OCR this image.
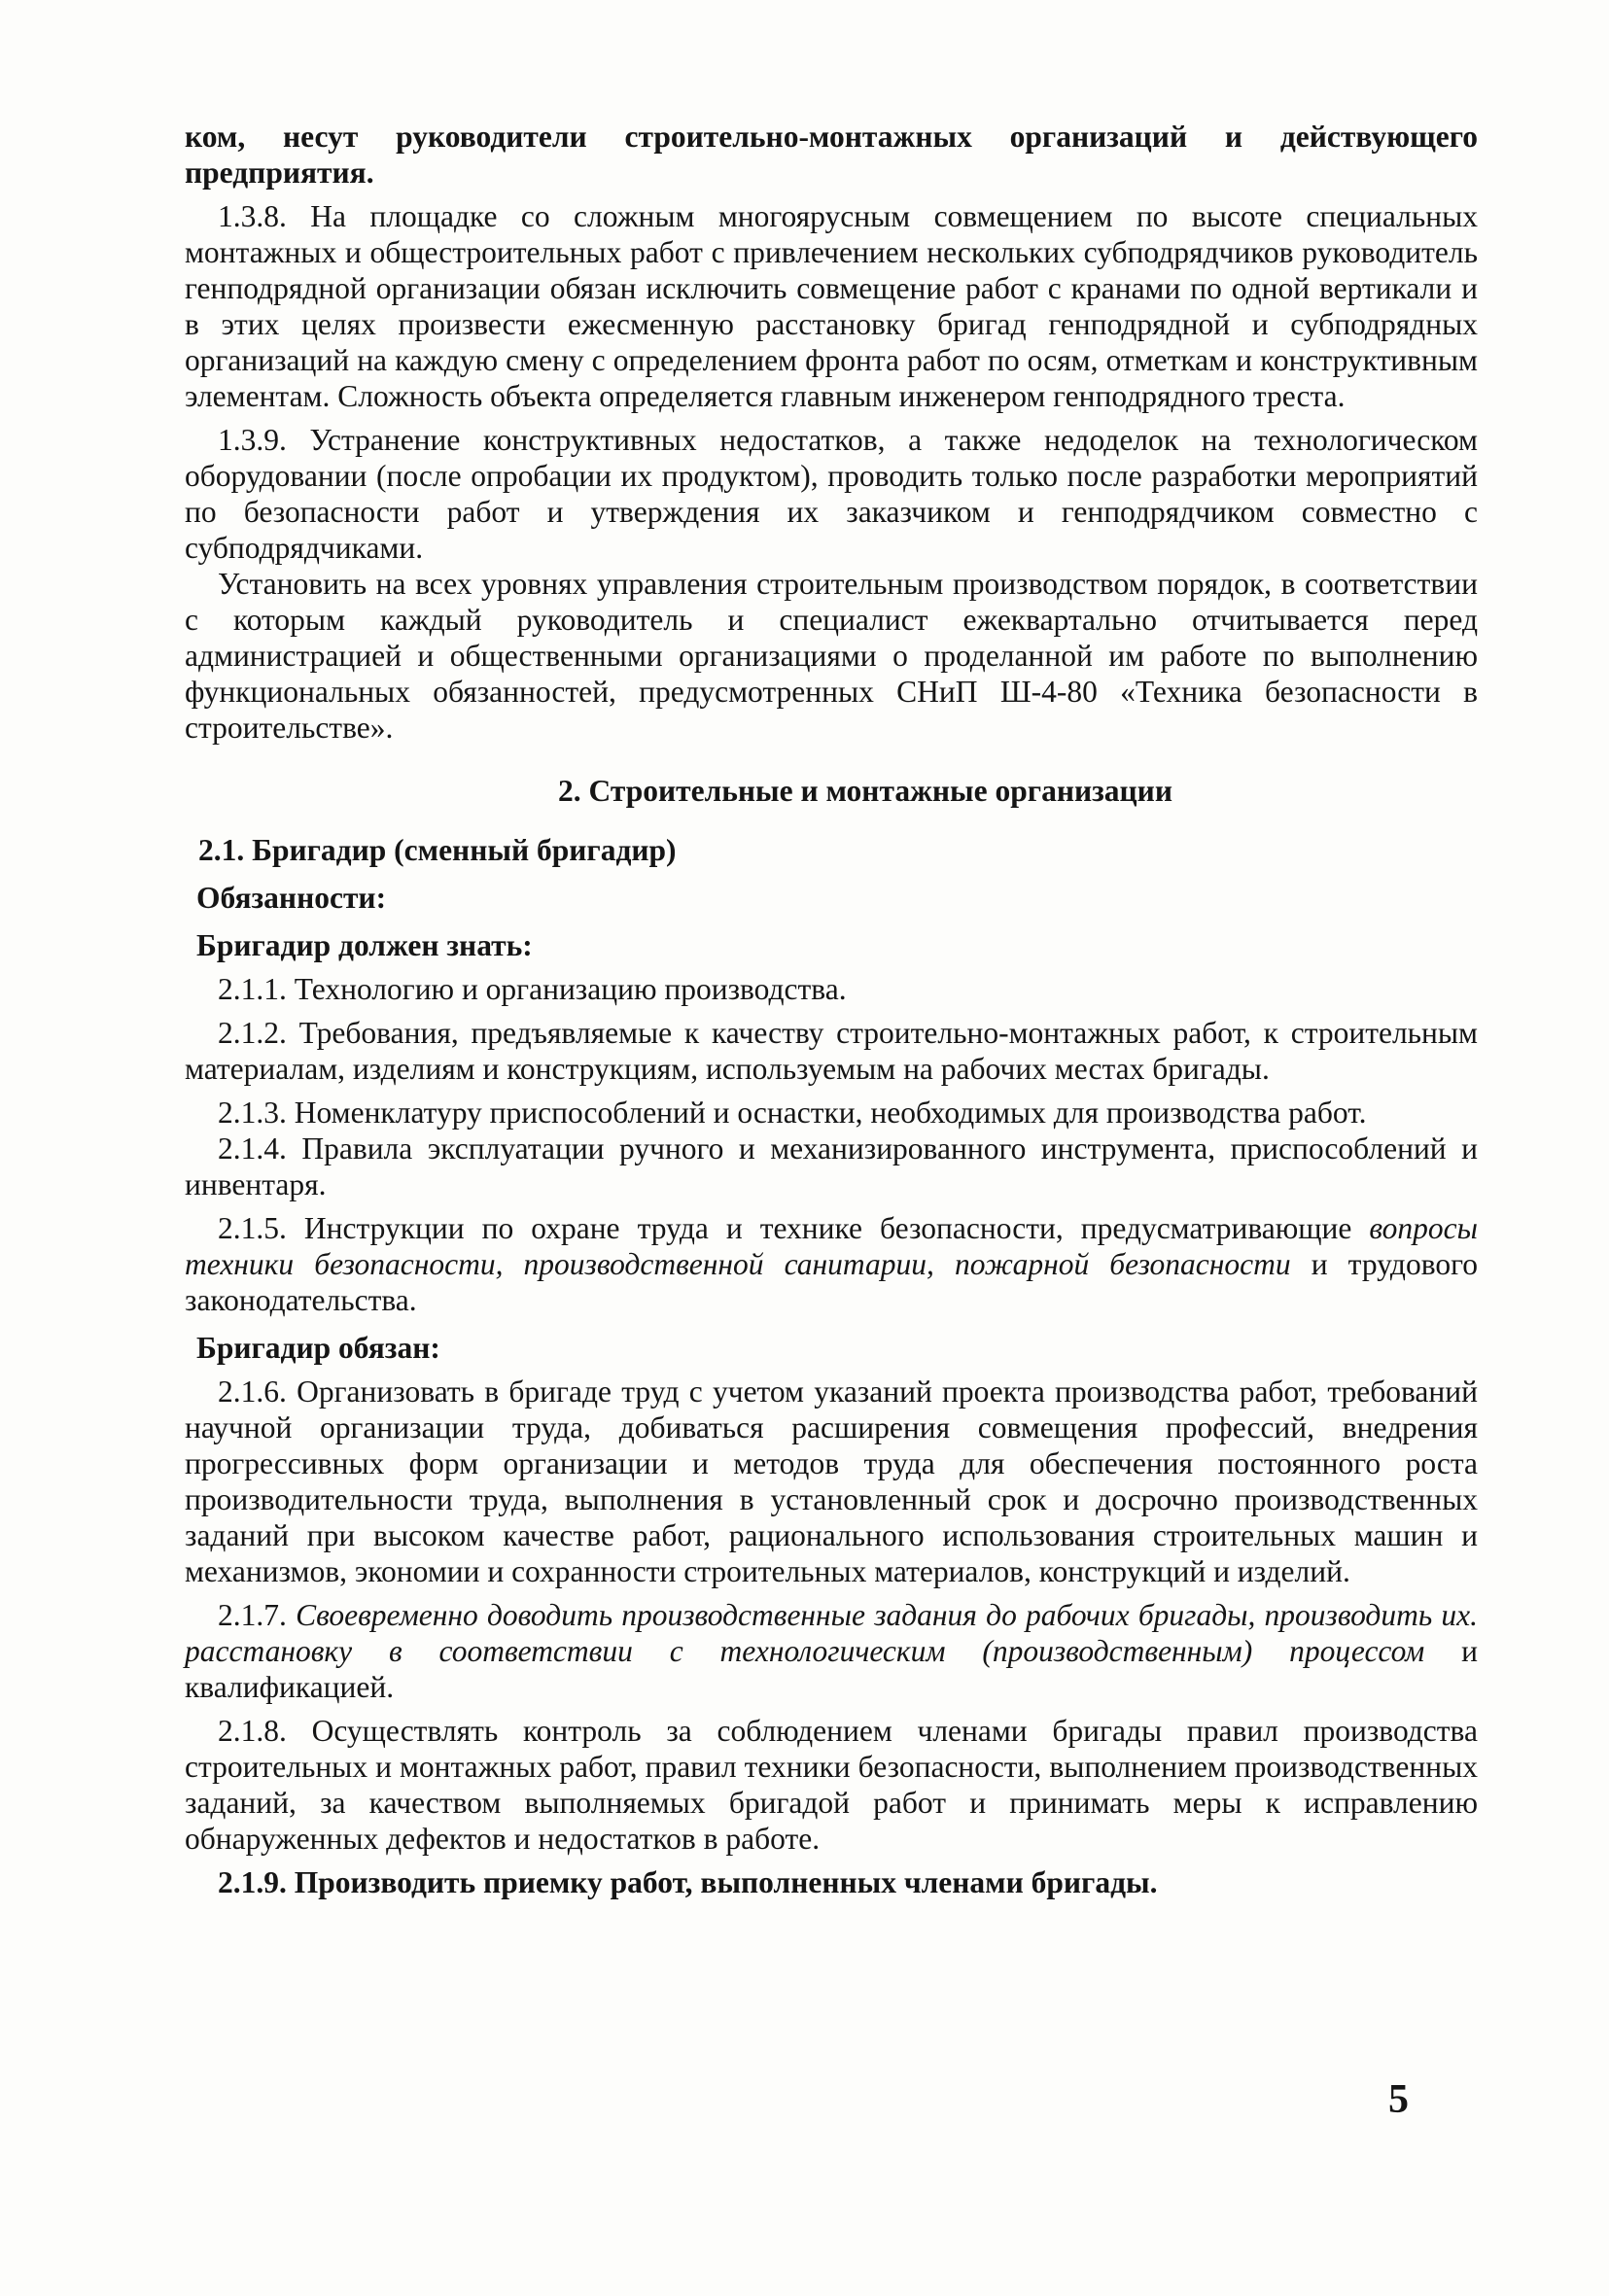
ком, несут руководители строительно-монтажных организаций и действующего предприятия.

1.3.8. На площадке со сложным многоярусным совмещением по высоте специальных монтажных и общестроительных работ с привлечением нескольких субподрядчиков руководитель генподрядной организации обязан исключить совмещение работ с кранами по одной вертикали и в этих целях произвести ежесменную расстановку бригад генподрядной и субподрядных организаций на каждую смену с определением фронта работ по осям, отметкам и конструктивным элементам. Сложность объекта определяется главным инженером генподрядного треста.

1.3.9. Устранение конструктивных недостатков, а также недоделок на технологическом оборудовании (после опробации их продуктом), проводить только после разработки мероприятий по безопасности работ и утверждения их заказчиком и генподрядчиком совместно с субподрядчиками.

Установить на всех уровнях управления строительным производством порядок, в соответствии с которым каждый руководитель и специалист ежеквартально отчитывается перед администрацией и общественными организациями о проделанной им работе по выполнению функциональных обязанностей, предусмотренных СНиП Ш-4-80 «Техника безопасности в строительстве».

2. Строительные и монтажные организации
2.1. Бригадир (сменный бригадир)
Обязанности:
Бригадир должен знать:

2.1.1. Технологию и организацию производства.

2.1.2. Требования, предъявляемые к качеству строительно-монтажных работ, к строительным материалам, изделиям и конструкциям, используемым на рабочих местах бригады.

2.1.3. Номенклатуру приспособлений и оснастки, необходимых для производства работ.

2.1.4. Правила эксплуатации ручного и механизированного инструмента, приспособлений и инвентаря.

2.1.5. Инструкции по охране труда и технике безопасности, предусматривающие вопросы техники безопасности, производственной санитарии, пожарной безопасности и трудового законодательства.

Бригадир обязан:

2.1.6. Организовать в бригаде труд с учетом указаний проекта производства работ, требований научной организации труда, добиваться расширения совмещения профессий, внедрения прогрессивных форм организации и методов труда для обеспечения постоянного роста производительности труда, выполнения в установленный срок и досрочно производственных заданий при высоком качестве работ, рационального использования строительных машин и механизмов, экономии и сохранности строительных материалов, конструкций и изделий.

2.1.7. Своевременно доводить производственные задания до рабочих бригады, производить их. расстановку в соответствии с технологическим (производственным) процессом и квалификацией.

2.1.8. Осуществлять контроль за соблюдением членами бригады правил производства строительных и монтажных работ, правил техники безопасности, выполнением производственных заданий, за качеством выполняемых бригадой работ и принимать меры к исправлению обнаруженных дефектов и недостатков в работе.

2.1.9. Производить приемку работ, выполненных членами бригады.

5
